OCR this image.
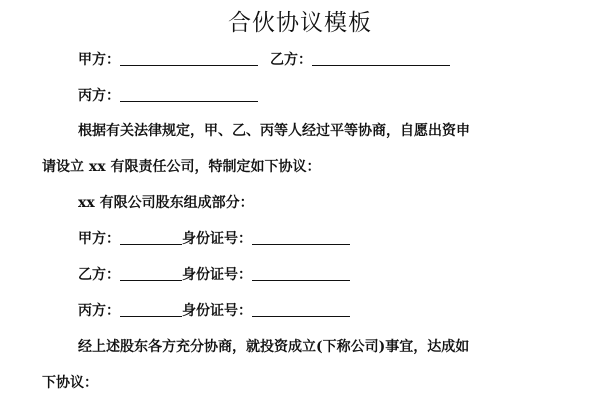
合伙协议模板
甲方：	乙方：
丙方：
根据有关法律规定，甲、乙、丙等人经过平等协商，自愿出资申
请设立 xx 有限责任公司，特制定如下协议：
xx 有限公司股东组成部分：
甲方：	身份证号：
乙方：	身份证号：
丙方：	身份证号：
经上述股东各方充分协商，就投资成立(下称公司)事宜，达成如
下协议：
